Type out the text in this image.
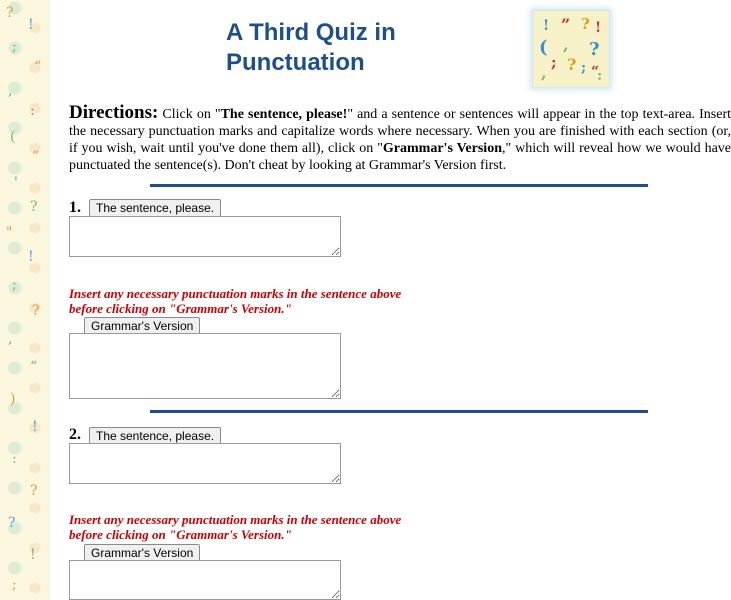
?
!
;
“
,
:
(
”
'
?
"
!
;
?
,
“
)
!
:
?
?
!
;
A Third Quiz in
Punctuation
! ” ? !
( , ?
; ? ; “
:
,

Directions: Click on "The sentence, please!" and a sentence or sentences will appear in the top text-area. Insert the necessary punctuation marks and capitalize words where necessary. When you are finished with each section (or, if you wish, wait until you've done them all), click on "Grammar's Version," which will reveal how we would have punctuated the sentence(s). Don't cheat by looking at Grammar's Version first.

1.	The sentence, please.

Insert any necessary punctuation marks in the sentence above
before clicking on "Grammar's Version."

Grammar's Version
2.	The sentence, please.

Insert any necessary punctuation marks in the sentence above
before clicking on "Grammar's Version."

Grammar's Version
